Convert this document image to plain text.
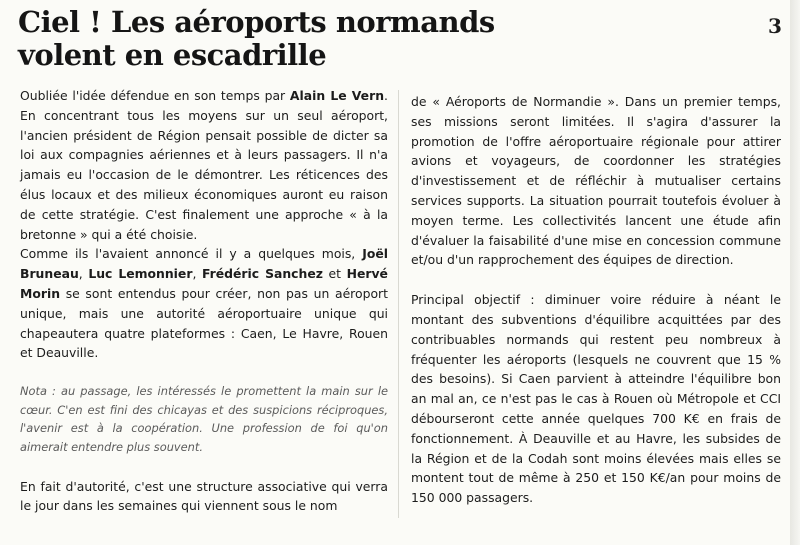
Ciel ! Les aéroports normands
volent en escadrille
3

Oubliée l'idée défendue en son temps par Alain Le Vern. En concentrant tous les moyens sur un seul aéroport, l'ancien président de Région pensait possible de dicter sa loi aux compagnies aériennes et à leurs passagers. Il n'a jamais eu l'occasion de le démontrer. Les réticences des élus locaux et des milieux économiques auront eu raison de cette stratégie. C'est finalement une approche « à la bretonne » qui a été choisie.

Comme ils l'avaient annoncé il y a quelques mois, Joël Bruneau, Luc Lemonnier, Frédéric Sanchez et Hervé Morin se sont entendus pour créer, non pas un aéroport unique, mais une autorité aéroportuaire unique qui chapeautera quatre plateformes : Caen, Le Havre, Rouen et Deauville.

Nota : au passage, les intéressés le promettent la main sur le cœur. C'en est fini des chicayas et des suspicions réciproques, l'avenir est à la coopération. Une profession de foi qu'on aimerait entendre plus souvent.

En fait d'autorité, c'est une structure associative qui verra le jour dans les semaines qui viennent sous le nom

de « Aéroports de Normandie ». Dans un premier temps, ses missions seront limitées. Il s'agira d'assurer la promotion de l'offre aéroportuaire régionale pour attirer avions et voyageurs, de coordonner les stratégies d'investissement et de réfléchir à mutualiser certains services supports. La situation pourrait toutefois évoluer à moyen terme. Les collectivités lancent une étude afin d'évaluer la faisabilité d'une mise en concession commune et/ou d'un rapprochement des équipes de direction.

Principal objectif : diminuer voire réduire à néant le montant des subventions d'équilibre acquittées par des contribuables normands qui restent peu nombreux à fréquenter les aéroports (lesquels ne couvrent que 15 % des besoins). Si Caen parvient à atteindre l'équilibre bon an mal an, ce n'est pas le cas à Rouen où Métropole et CCI débourseront cette année quelques 700 K€ en frais de fonctionnement. À Deauville et au Havre, les subsides de la Région et de la Codah sont moins élevées mais elles se montent tout de même à 250 et 150 K€/an pour moins de 150 000 passagers.
